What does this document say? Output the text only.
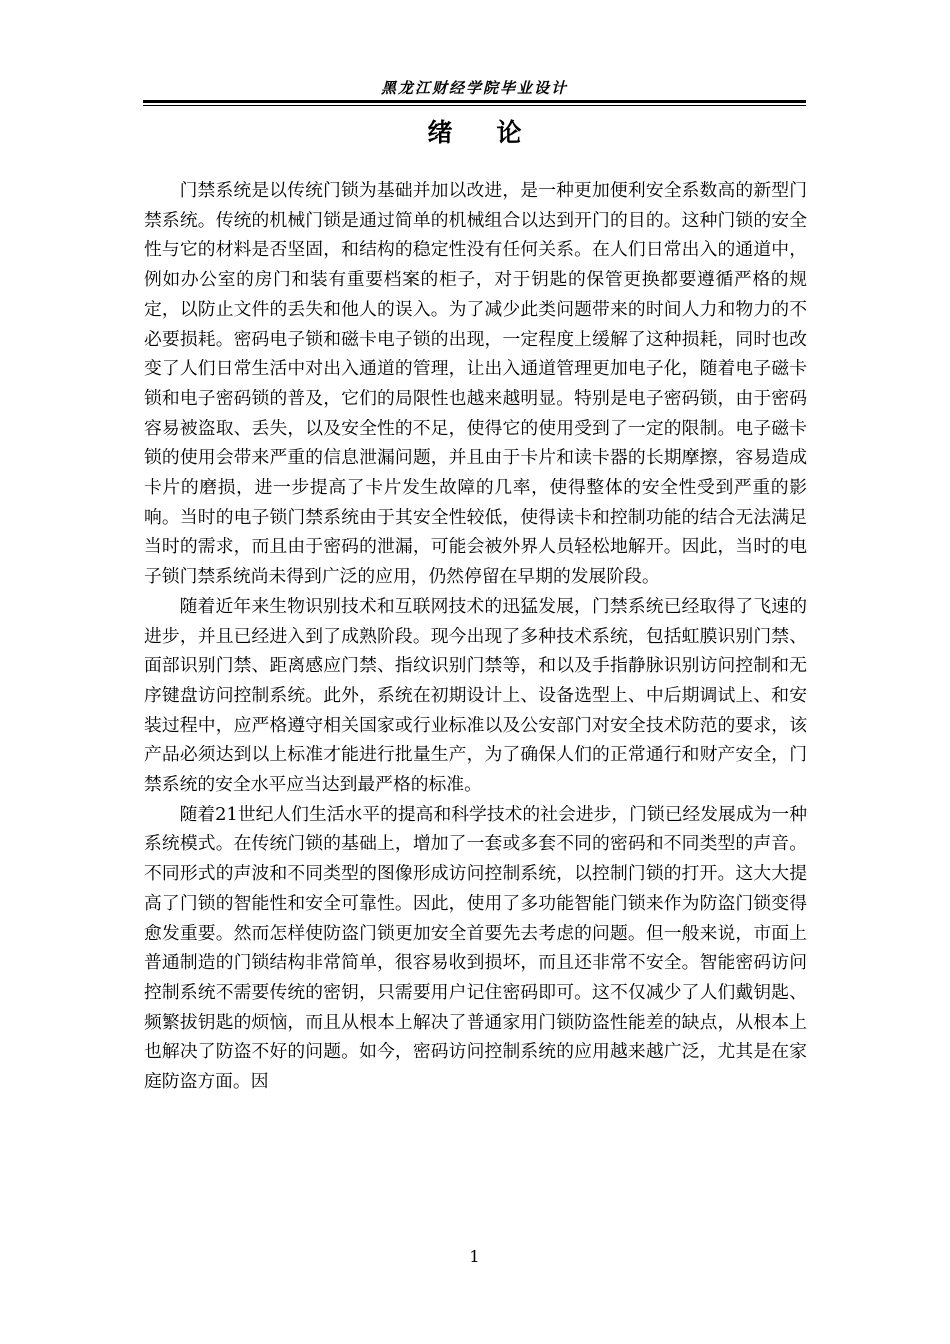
黑龙江财经学院毕业设计
绪论

门禁系统是以传统门锁为基础并加以改进，是一种更加便利安全系数高的新型门禁系统。传统的机械门锁是通过简单的机械组合以达到开门的目的。这种门锁的安全性与它的材料是否坚固，和结构的稳定性没有任何关系。在人们日常出入的通道中，例如办公室的房门和装有重要档案的柜子，对于钥匙的保管更换都要遵循严格的规定，以防止文件的丢失和他人的误入。为了减少此类问题带来的时间人力和物力的不必要损耗。密码电子锁和磁卡电子锁的出现，一定程度上缓解了这种损耗，同时也改变了人们日常生活中对出入通道的管理，让出入通道管理更加电子化，随着电子磁卡锁和电子密码锁的普及，它们的局限性也越来越明显。特别是电子密码锁，由于密码容易被盗取、丢失，以及安全性的不足，使得它的使用受到了一定的限制。电子磁卡锁的使用会带来严重的信息泄漏问题，并且由于卡片和读卡器的长期摩擦，容易造成卡片的磨损，进一步提高了卡片发生故障的几率，使得整体的安全性受到严重的影响。当时的电子锁门禁系统由于其安全性较低，使得读卡和控制功能的结合无法满足当时的需求，而且由于密码的泄漏，可能会被外界人员轻松地解开。因此，当时的电子锁门禁系统尚未得到广泛的应用，仍然停留在早期的发展阶段。

随着近年来生物识别技术和互联网技术的迅猛发展，门禁系统已经取得了飞速的进步，并且已经进入到了成熟阶段。现今出现了多种技术系统，包括虹膜识别门禁、面部识别门禁、距离感应门禁、指纹识别门禁等，和以及手指静脉识别访问控制和无序键盘访问控制系统。此外，系统在初期设计上、设备选型上、中后期调试上、和安装过程中，应严格遵守相关国家或行业标准以及公安部门对安全技术防范的要求，该产品必须达到以上标准才能进行批量生产，为了确保人们的正常通行和财产安全，门禁系统的安全水平应当达到最严格的标准。

随着21世纪人们生活水平的提高和科学技术的社会进步，门锁已经发展成为一种系统模式。在传统门锁的基础上，增加了一套或多套不同的密码和不同类型的声音。不同形式的声波和不同类型的图像形成访问控制系统，以控制门锁的打开。这大大提高了门锁的智能性和安全可靠性。因此，使用了多功能智能门锁来作为防盗门锁变得愈发重要。然而怎样使防盗门锁更加安全首要先去考虑的问题。但一般来说，市面上普通制造的门锁结构非常简单，很容易收到损坏，而且还非常不安全。智能密码访问控制系统不需要传统的密钥，只需要用户记住密码即可。这不仅减少了人们戴钥匙、频繁拔钥匙的烦恼，而且从根本上解决了普通家用门锁防盗性能差的缺点，从根本上也解决了防盗不好的问题。如今，密码访问控制系统的应用越来越广泛，尤其是在家庭防盗方面。因

1
